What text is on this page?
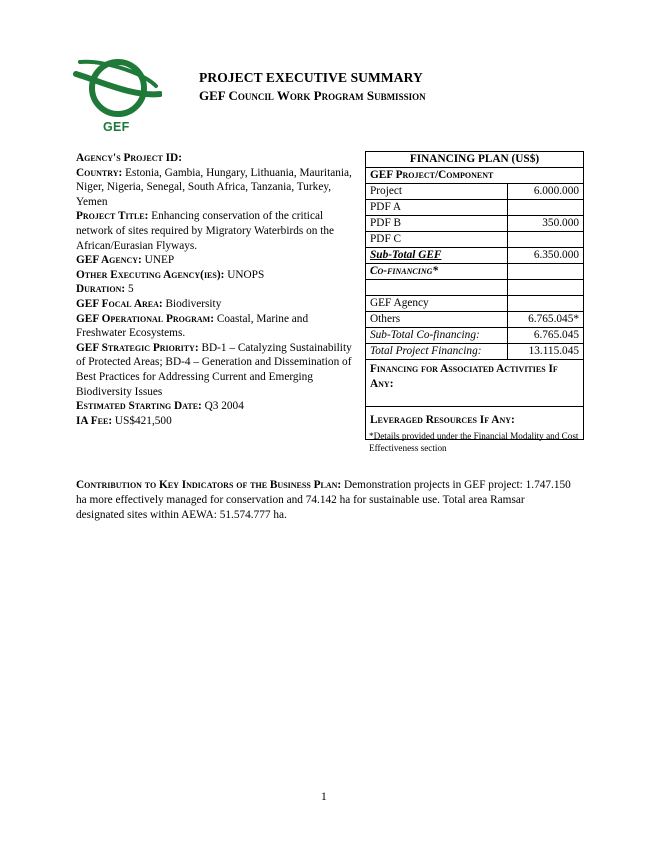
GEF
PROJECT EXECUTIVE SUMMARY
GEF Council Work Program Submission

Agency's Project ID:

Country: Estonia, Gambia, Hungary, Lithuania, Mauritania, Niger, Nigeria, Senegal, South Africa, Tanzania, Turkey, Yemen

Project Title: Enhancing conservation of the critical network of sites required by Migratory Waterbirds on the African/Eurasian Flyways.

GEF Agency: UNEP

Other Executing Agency(ies): UNOPS

Duration: 5

GEF Focal Area: Biodiversity

GEF Operational Program: Coastal, Marine and Freshwater Ecosystems.

GEF Strategic Priority: BD-1 – Catalyzing Sustainability of Protected Areas; BD-4 – Generation and Dissemination of Best Practices for Addressing Current and Emerging Biodiversity Issues

Estimated Starting Date: Q3 2004

IA Fee: US$421,500

FINANCING PLAN (US$)
GEF Project/Component
Project	6.000.000
PDF A
PDF B	350.000
PDF C
Sub-Total GEF	6.350.000
Co-financing*
GEF Agency
Others	6.765.045*
Sub-Total Co-financing:	6.765.045
Total Project Financing:	13.115.045
Financing for Associated Activities If Any:
Leveraged Resources If Any:
*Details provided under the Financial Modality and Cost Effectiveness section
Contribution to Key Indicators of the Business Plan: Demonstration projects in GEF project: 1.747.150 ha more effectively managed for conservation and 74.142 ha for sustainable use. Total area Ramsar designated sites within AEWA: 51.574.777 ha.
1
